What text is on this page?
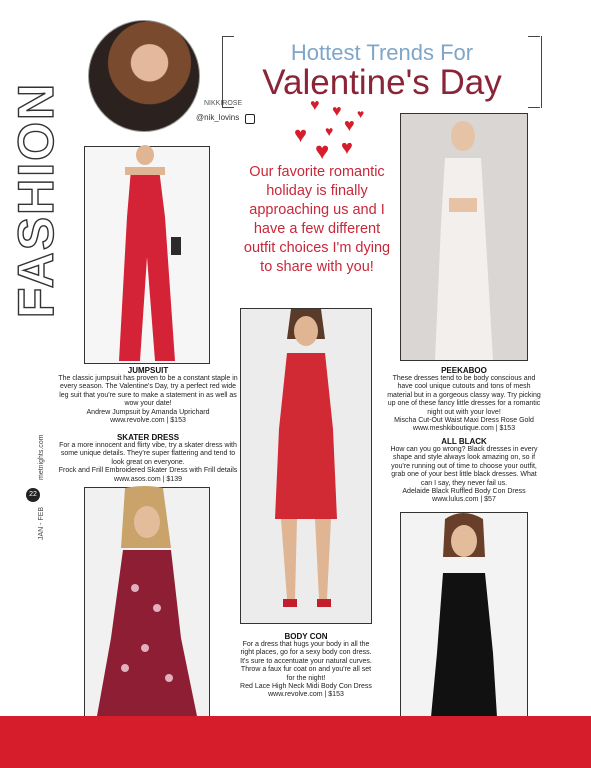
FASHION
JAN - FEB
22
metnights.com
NIKKIROSE
@nik_lovins
Hottest Trends For
Valentine's Day
♥ ♥
♥ ♥ ♥
♥ ♥
♥
Our favorite romantic holiday is finally approaching us and I have a few different outfit choices I'm dying to share with you!
JUMPSUIT
The classic jumpsuit has proven to be a constant staple in every season. The Valentine's Day, try a perfect red wide leg suit that you're sure to make a statement in as well as wow your date!
Andrew Jumpsuit by Amanda Uprichard
www.revolve.com | $153
SKATER DRESS
For a more innocent and flirty vibe, try a skater dress with some unique details. They're super flattering and tend to look great on everyone.
Frock and Frill Embroidered Skater Dress with Frill details
www.asos.com | $139
BODY CON
For a dress that hugs your body in all the right places, go for a sexy body con dress. It's sure to accentuate your natural curves. Throw a faux fur coat on and you're all set for the night!
Red Lace High Neck Midi Body Con Dress
www.revolve.com | $153
PEEKABOO
These dresses tend to be body conscious and have cool unique cutouts and tons of mesh material but in a gorgeous classy way. Try picking up one of these fancy little dresses for a romantic night out with your love!
Mischa Cut-Out Waist Maxi Dress Rose Gold
www.meshkiboutique.com | $153
ALL BLACK
How can you go wrong? Black dresses in every shape and style always look amazing on, so if you're running out of time to choose your outfit, grab one of your best little black dresses. What can I say, they never fail us.
Adelaide Black Ruffled Body Con Dress
www.lulus.com | $57
